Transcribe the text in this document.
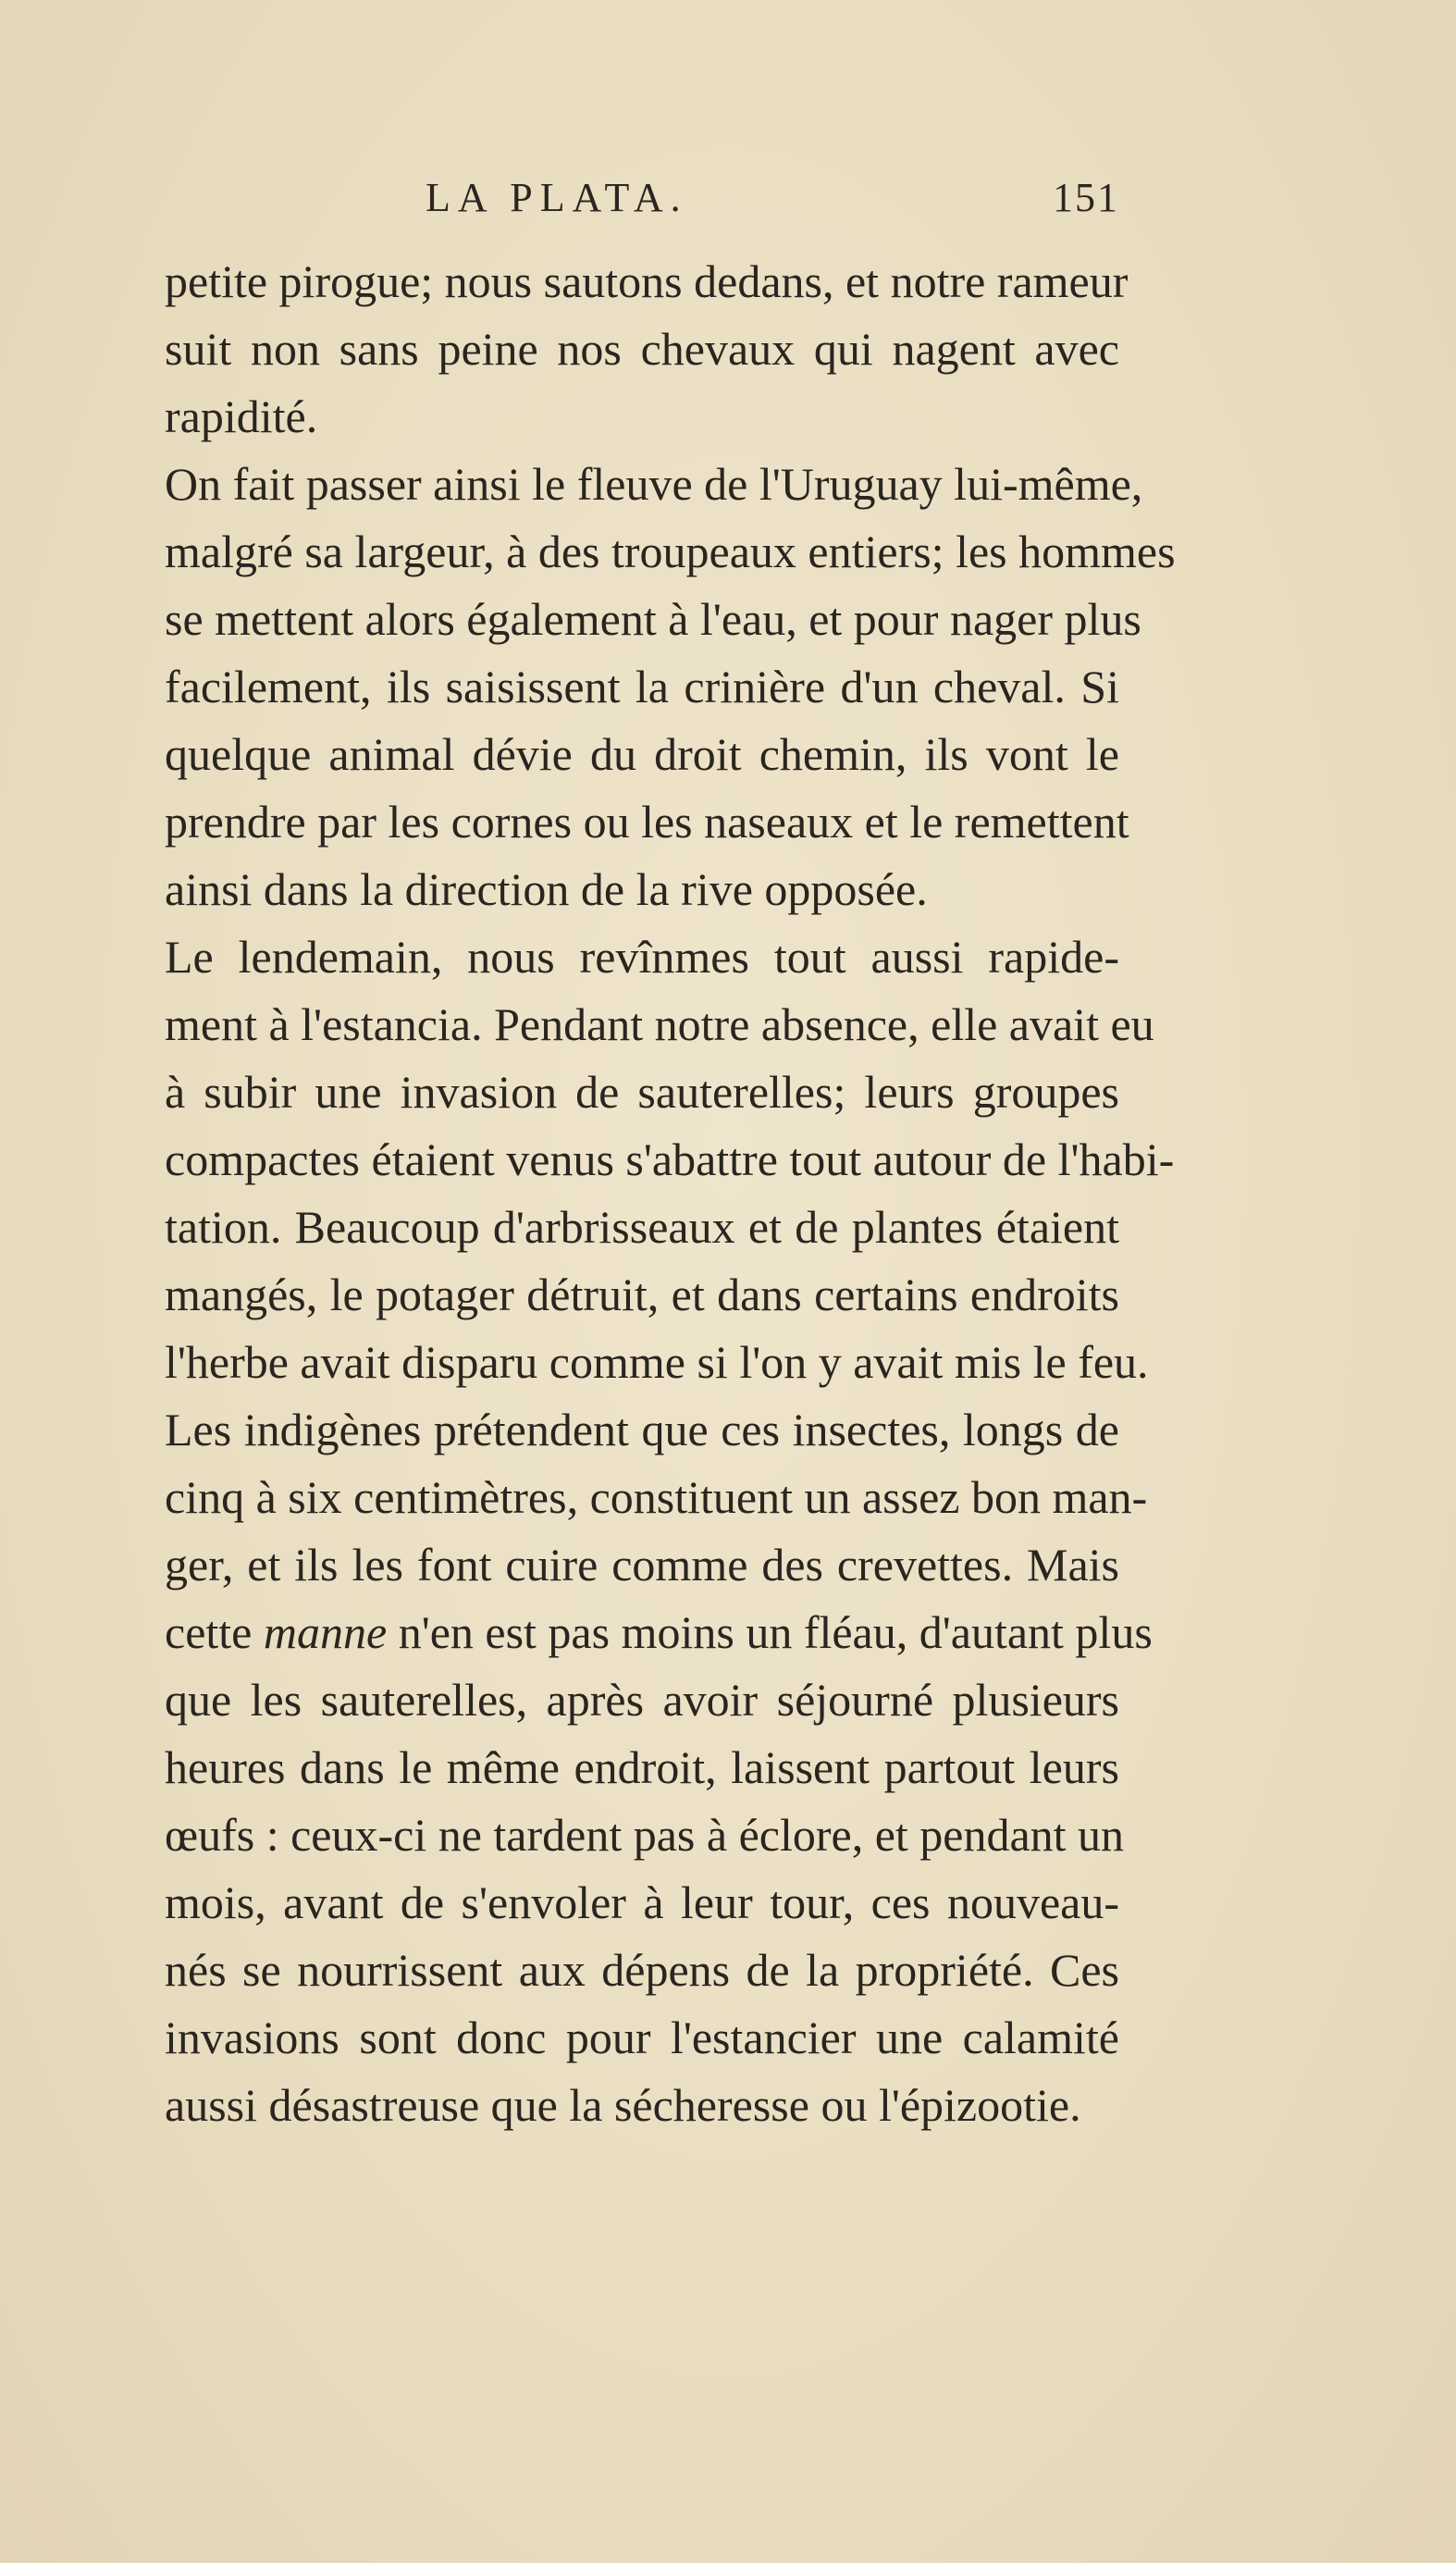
LA PLATA.	151
petite pirogue; nous sautons dedans, et notre rameur
suit non sans peine nos chevaux qui nagent avec
rapidité.
On fait passer ainsi le fleuve de l'Uruguay lui-même,
malgré sa largeur, à des troupeaux entiers; les hommes
se mettent alors également à l'eau, et pour nager plus
facilement, ils saisissent la crinière d'un cheval. Si
quelque animal dévie du droit chemin, ils vont le
prendre par les cornes ou les naseaux et le remettent
ainsi dans la direction de la rive opposée.
Le lendemain, nous revînmes tout aussi rapide-
ment à l'estancia. Pendant notre absence, elle avait eu
à subir une invasion de sauterelles; leurs groupes
compactes étaient venus s'abattre tout autour de l'habi-
tation. Beaucoup d'arbrisseaux et de plantes étaient
mangés, le potager détruit, et dans certains endroits
l'herbe avait disparu comme si l'on y avait mis le feu.
Les indigènes prétendent que ces insectes, longs de
cinq à six centimètres, constituent un assez bon man-
ger, et ils les font cuire comme des crevettes. Mais
cette manne n'en est pas moins un fléau, d'autant plus
que les sauterelles, après avoir séjourné plusieurs
heures dans le même endroit, laissent partout leurs
œufs : ceux-ci ne tardent pas à éclore, et pendant un
mois, avant de s'envoler à leur tour, ces nouveau-
nés se nourrissent aux dépens de la propriété. Ces
invasions sont donc pour l'estancier une calamité
aussi désastreuse que la sécheresse ou l'épizootie.
